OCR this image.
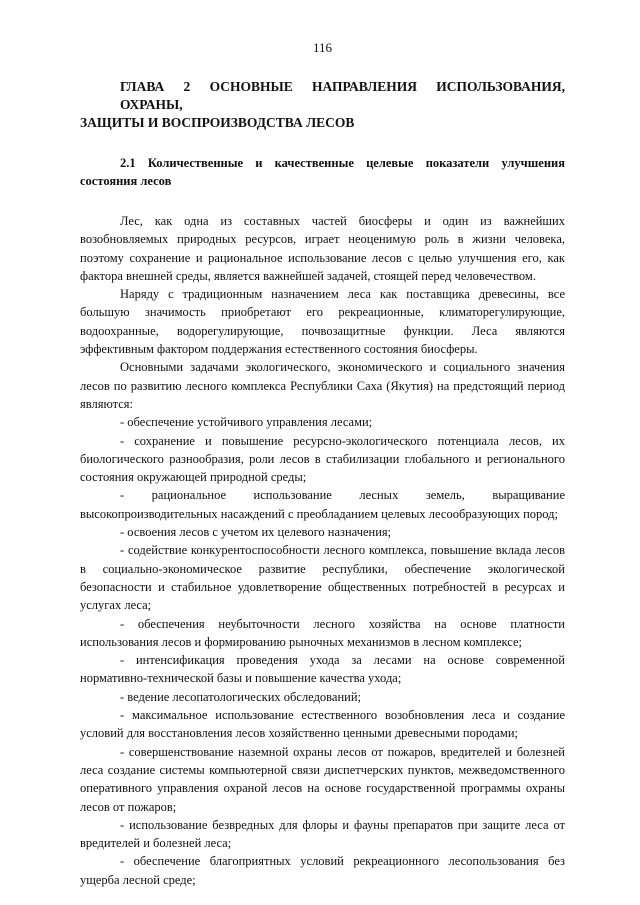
116
ГЛАВА 2 ОСНОВНЫЕ НАПРАВЛЕНИЯ ИСПОЛЬЗОВАНИЯ, ОХРАНЫ,
ЗАЩИТЫ И ВОСПРОИЗВОДСТВА ЛЕСОВ
2.1 Количественные и качественные целевые показатели улучшения
состояния лесов

Лес, как одна из составных частей биосферы и один из важнейших возобновляемых природных ресурсов, играет неоценимую роль в жизни человека, поэтому сохранение и рациональное использование лесов с целью улучшения его, как фактора внешней среды, является важнейшей задачей, стоящей перед человечеством.

Наряду с традиционным назначением леса как поставщика древесины, все большую значимость приобретают его рекреационные, климаторегулирующие, водоохранные, водорегулирующие, почвозащитные функции. Леса являются эффективным фактором поддержания естественного состояния биосферы.

Основными задачами экологического, экономического и социального значения лесов по развитию лесного комплекса Республики Саха (Якутия) на предстоящий период являются:

- обеспечение устойчивого управления лесами;

- сохранение и повышение ресурсно-экологического потенциала лесов, их биологического разнообразия, роли лесов в стабилизации глобального и регионального состояния окружающей природной среды;

- рациональное использование лесных земель, выращивание высокопроизводительных насаждений с преобладанием целевых лесообразующих пород;

- освоения лесов с учетом их целевого назначения;

- содействие конкурентоспособности лесного комплекса, повышение вклада лесов в социально-экономическое развитие республики, обеспечение экологической безопасности и стабильное удовлетворение общественных потребностей в ресурсах и услугах леса;

- обеспечения неубыточности лесного хозяйства на основе платности использования лесов и формированию рыночных механизмов в лесном комплексе;

- интенсификация проведения ухода за лесами на основе современной нормативно-технической базы и повышение качества ухода;

- ведение лесопатологических обследований;

- максимальное использование естественного возобновления леса и создание условий для восстановления лесов хозяйственно ценными древесными породами;

- совершенствование наземной охраны лесов от пожаров, вредителей и болезней леса создание системы компьютерной связи диспетчерских пунктов, межведомственного оперативного управления охраной лесов на основе государственной программы охраны лесов от пожаров;

- использование безвредных для флоры и фауны препаратов при защите леса от вредителей и болезней леса;

- обеспечение благоприятных условий рекреационного лесопользования без ущерба лесной среде;
